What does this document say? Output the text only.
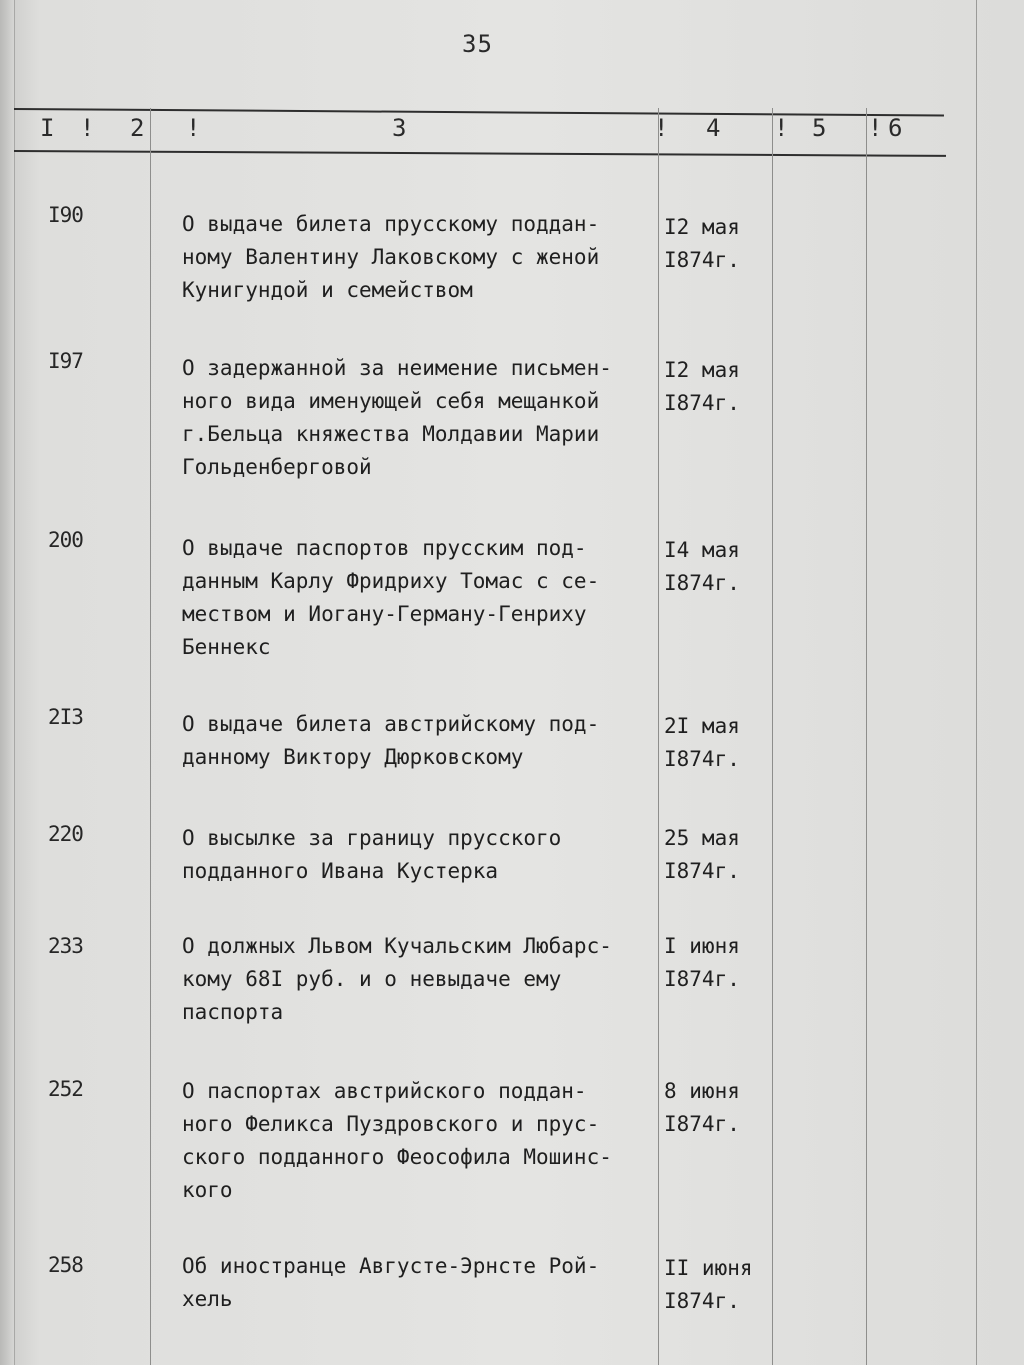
35
I ! 2 !	3	! 4 ! 5 ! 6
I90	О выдаче билета прусскому поддан-
ному Валентину Лаковскому с женой
Кунигундой и семейством
I2 мая
I874г.
I97	О задержанной за неимение письмен-
ного вида именующей себя мещанкой
г.Бельца княжества Молдавии Марии
Гольденберговой
I2 мая
I874г.
200	О выдаче паспортов прусским под-
данным Карлу Фридриху Томас с се-
меством и Иогану-Герману-Генриху
Беннекс
I4 мая
I874г.
2I3	О выдаче билета австрийскому под-
данному Виктору Дюрковскому
2I мая
I874г.
220	О высылке за границу прусского
подданного Ивана Кустерка
25 мая
I874г.
233	О должных Львом Кучальским Любарс-
кому 68I руб. и о невыдаче ему
паспорта
I июня
I874г.
252	О паспортах австрийского поддан-
ного Феликса Пуздровского и прус-
ского подданного Феософила Мошинс-
кого
8 июня
I874г.
258	Об иностранце Августе-Эрнсте Рой-
хель
II июня
I874г.
